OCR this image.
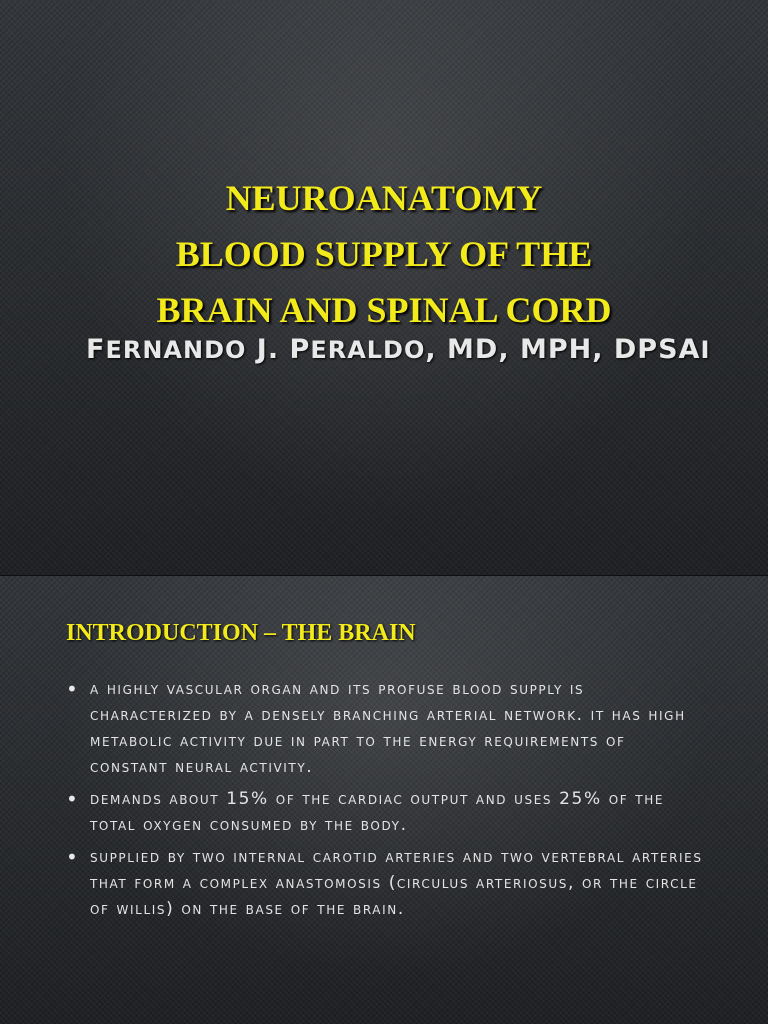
NEUROANATOMY
BLOOD SUPPLY OF THE
BRAIN AND SPINAL CORD
FERNANDO J. PERALDO, MD, MPH, DPSAI
INTRODUCTION – THE BRAIN
• a highly vascular organ and its profuse blood supply is characterized by a densely branching arterial network. it has high metabolic activity due in part to the energy requirements of constant neural activity.
• demands about 15% of the cardiac output and uses 25% of the total oxygen consumed by the body.
• supplied by two internal carotid arteries and two vertebral arteries that form a complex anastomosis (circulus arteriosus, or the circle of willis) on the base of the brain.
